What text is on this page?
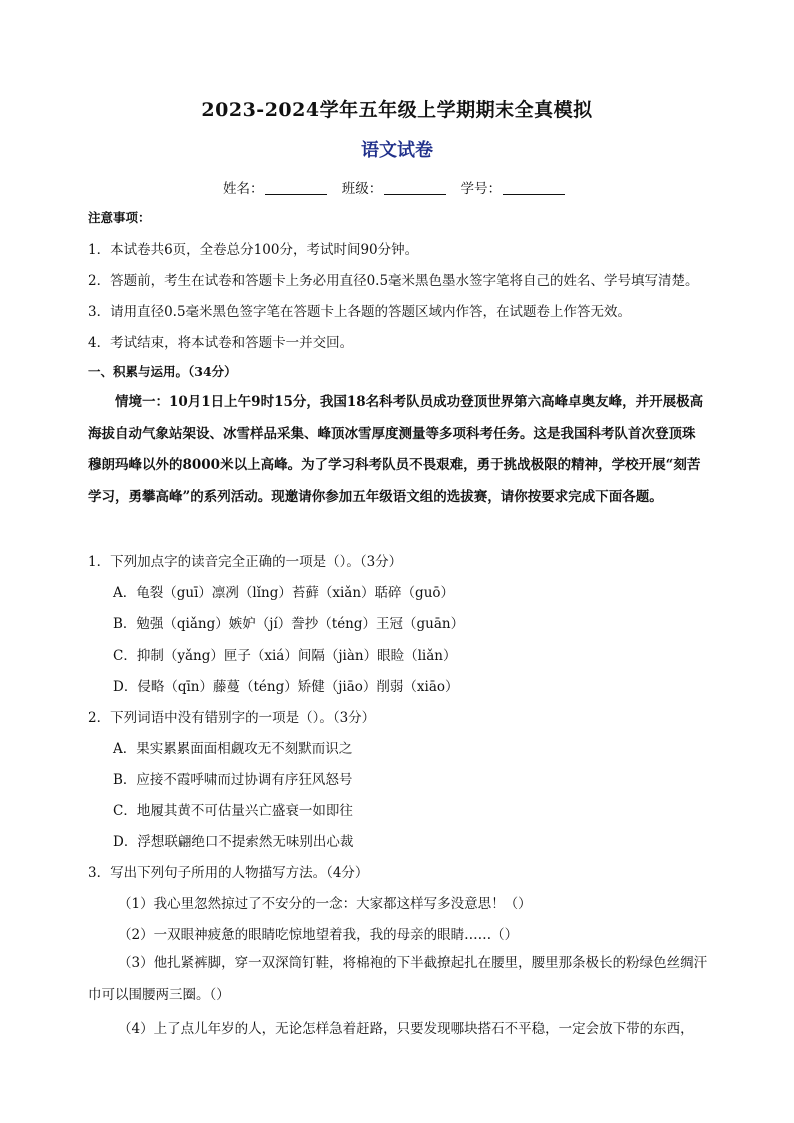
2023-2024学年五年级上学期期末全真模拟
语文试卷
姓名：	班级：	学号：
注意事项：
1．本试卷共6页，全卷总分100分，考试时间90分钟。
2．答题前，考生在试卷和答题卡上务必用直径0.5毫米黑色墨水签字笔将自己的姓名、学号填写清楚。
3．请用直径0.5毫米黑色签字笔在答题卡上各题的答题区域内作答，在试题卷上作答无效。
4．考试结束，将本试卷和答题卡一并交回。
一、积累与运用。（34分）
情境一：10月1日上午9时15分，我国18名科考队员成功登顶世界第六高峰卓奥友峰，并开展极高海拔自动气象站架设、冰雪样品采集、峰顶冰雪厚度测量等多项科考任务。这是我国科考队首次登顶珠穆朗玛峰以外的8000米以上高峰。为了学习科考队员不畏艰难，勇于挑战极限的精神，学校开展“刻苦学习，勇攀高峰”的系列活动。现邀请你参加五年级语文组的选拔赛，请你按要求完成下面各题。
1．下列加点字的读音完全正确的一项是（）。（3分）
A．龟裂（guī）凛冽（lǐng）苔藓（xiǎn）聒碎（guō）
B．勉强（qiǎng）嫉妒（jí）誊抄（téng）王冠（guān）
C．抑制（yǎng）匣子（xiá）间隔（jiàn）眼睑（liǎn）
D．侵略（qīn）藤蔓（téng）矫健（jiāo）削弱（xiāo）
2．下列词语中没有错别字的一项是（）。（3分）
A．果实累累面面相觑攻无不刻默而识之
B．应接不霞呼啸而过协调有序狂风怒号
C．地履其黄不可估量兴亡盛衰一如即往
D．浮想联翩绝口不提索然无味别出心裁
3．写出下列句子所用的人物描写方法。（4分）
（1）我心里忽然掠过了不安分的一念：大家都这样写多没意思！（）
（2）一双眼神疲惫的眼睛吃惊地望着我，我的母亲的眼睛……（）
（3）他扎紧裤脚，穿一双深筒钉鞋，将棉袍的下半截撩起扎在腰里，腰里那条极长的粉绿色丝绸汗巾可以围腰两三圈。（）
（4）上了点儿年岁的人，无论怎样急着赶路，只要发现哪块搭石不平稳，一定会放下带的东西，
